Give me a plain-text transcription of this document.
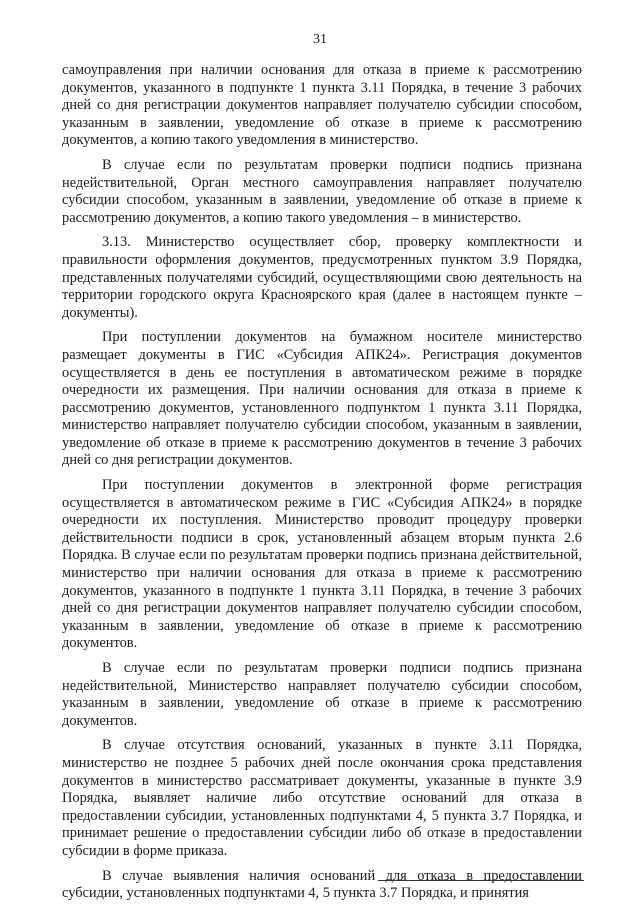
31

самоуправления при наличии основания для отказа в приеме к рассмотрению документов, указанного в подпункте 1 пункта 3.11 Порядка, в течение 3 рабочих дней со дня регистрации документов направляет получателю субсидии способом, указанным в заявлении, уведомление об отказе в приеме к рассмотрению документов, а копию такого уведомления в министерство.

В случае если по результатам проверки подписи подпись признана недействительной, Орган местного самоуправления направляет получателю субсидии способом, указанным в заявлении, уведомление об отказе в приеме к рассмотрению документов, а копию такого уведомления – в министерство.

3.13. Министерство осуществляет сбор, проверку комплектности и правильности оформления документов, предусмотренных пунктом 3.9 Порядка, представленных получателями субсидий, осуществляющими свою деятельность на территории городского округа Красноярского края (далее в настоящем пункте – документы).

При поступлении документов на бумажном носителе министерство размещает документы в ГИС «Субсидия АПК24». Регистрация документов осуществляется в день ее поступления в автоматическом режиме в порядке очередности их размещения. При наличии основания для отказа в приеме к рассмотрению документов, установленного подпунктом 1 пункта 3.11 Порядка, министерство направляет получателю субсидии способом, указанным в заявлении, уведомление об отказе в приеме к рассмотрению документов в течение 3 рабочих дней со дня регистрации документов.

При поступлении документов в электронной форме регистрация осуществляется в автоматическом режиме в ГИС «Субсидия АПК24» в порядке очередности их поступления. Министерство проводит процедуру проверки действительности подписи в срок, установленный абзацем вторым пункта 2.6 Порядка. В случае если по результатам проверки подпись признана действительной, министерство при наличии основания для отказа в приеме к рассмотрению документов, указанного в подпункте 1 пункта 3.11 Порядка, в течение 3 рабочих дней со дня регистрации документов направляет получателю субсидии способом, указанным в заявлении, уведомление об отказе в приеме к рассмотрению документов.

В случае если по результатам проверки подписи подпись признана недействительной, Министерство направляет получателю субсидии способом, указанным в заявлении, уведомление об отказе в приеме к рассмотрению документов.

В случае отсутствия оснований, указанных в пункте 3.11 Порядка, министерство не позднее 5 рабочих дней после окончания срока представления документов в министерство рассматривает документы, указанные в пункте 3.9 Порядка, выявляет наличие либо отсутствие оснований для отказа в предоставлении субсидии, установленных подпунктами 4, 5 пункта 3.7 Порядка, и принимает решение о предоставлении субсидии либо об отказе в предоставлении субсидии в форме приказа.

В случае выявления наличия оснований для отказа в предоставлении субсидии, установленных подпунктами 4, 5 пункта 3.7 Порядка, и принятия
